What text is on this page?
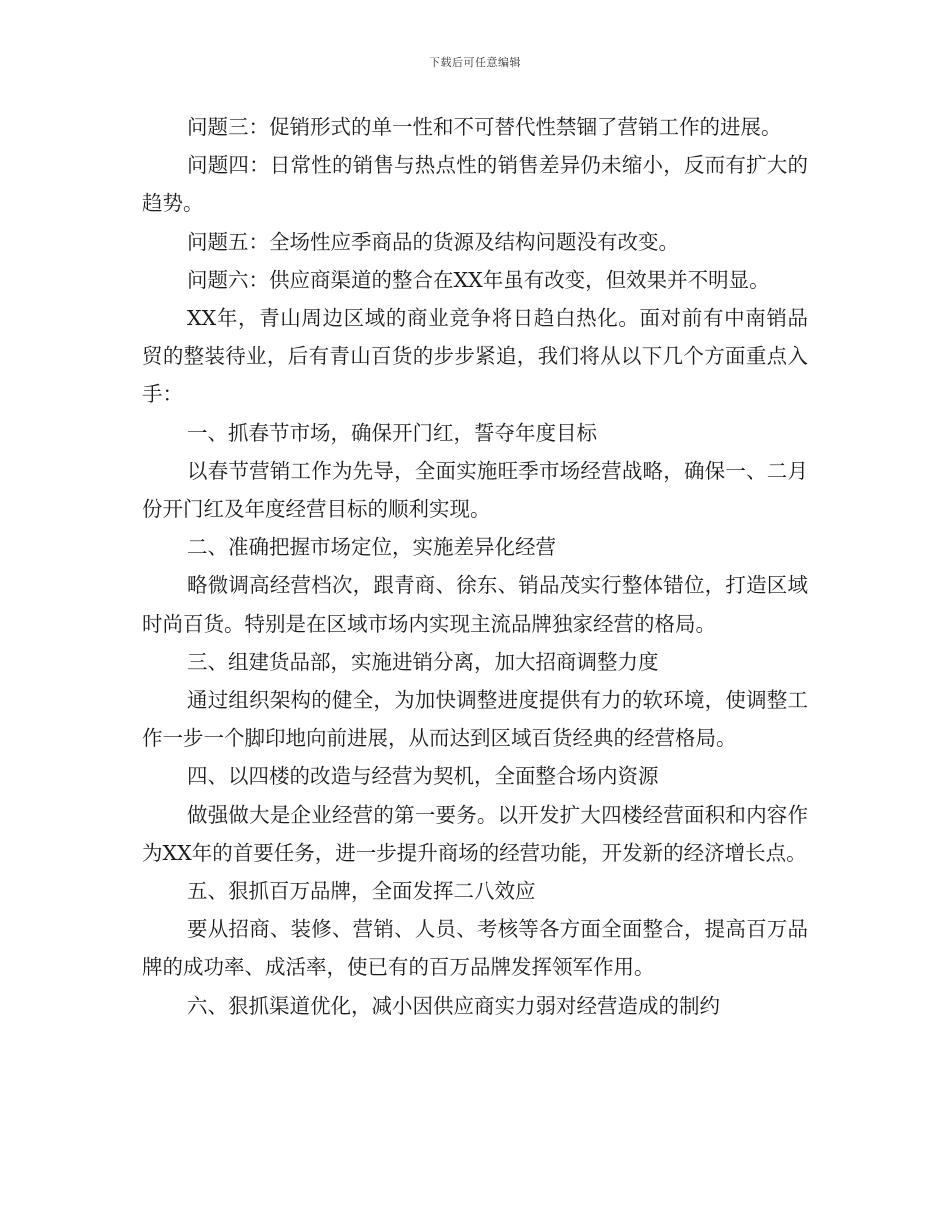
下载后可任意编辑

问题三：促销形式的单一性和不可替代性禁锢了营销工作的进展。

问题四：日常性的销售与热点性的销售差异仍未缩小，反而有扩大的趋势。

问题五：全场性应季商品的货源及结构问题没有改变。

问题六：供应商渠道的整合在XX年虽有改变，但效果并不明显。

XX年，青山周边区域的商业竞争将日趋白热化。面对前有中南销品贸的整装待业，后有青山百货的步步紧追，我们将从以下几个方面重点入手：

一、抓春节市场，确保开门红，誓夺年度目标

以春节营销工作为先导，全面实施旺季市场经营战略，确保一、二月份开门红及年度经营目标的顺利实现。

二、准确把握市场定位，实施差异化经营

略微调高经营档次，跟青商、徐东、销品茂实行整体错位，打造区域时尚百货。特别是在区域市场内实现主流品牌独家经营的格局。

三、组建货品部，实施进销分离，加大招商调整力度

通过组织架构的健全，为加快调整进度提供有力的软环境，使调整工作一步一个脚印地向前进展，从而达到区域百货经典的经营格局。

四、以四楼的改造与经营为契机，全面整合场内资源

做强做大是企业经营的第一要务。以开发扩大四楼经营面积和内容作为XX年的首要任务，进一步提升商场的经营功能，开发新的经济增长点。

五、狠抓百万品牌，全面发挥二八效应

要从招商、装修、营销、人员、考核等各方面全面整合，提高百万品牌的成功率、成活率，使已有的百万品牌发挥领军作用。

六、狠抓渠道优化，减小因供应商实力弱对经营造成的制约
